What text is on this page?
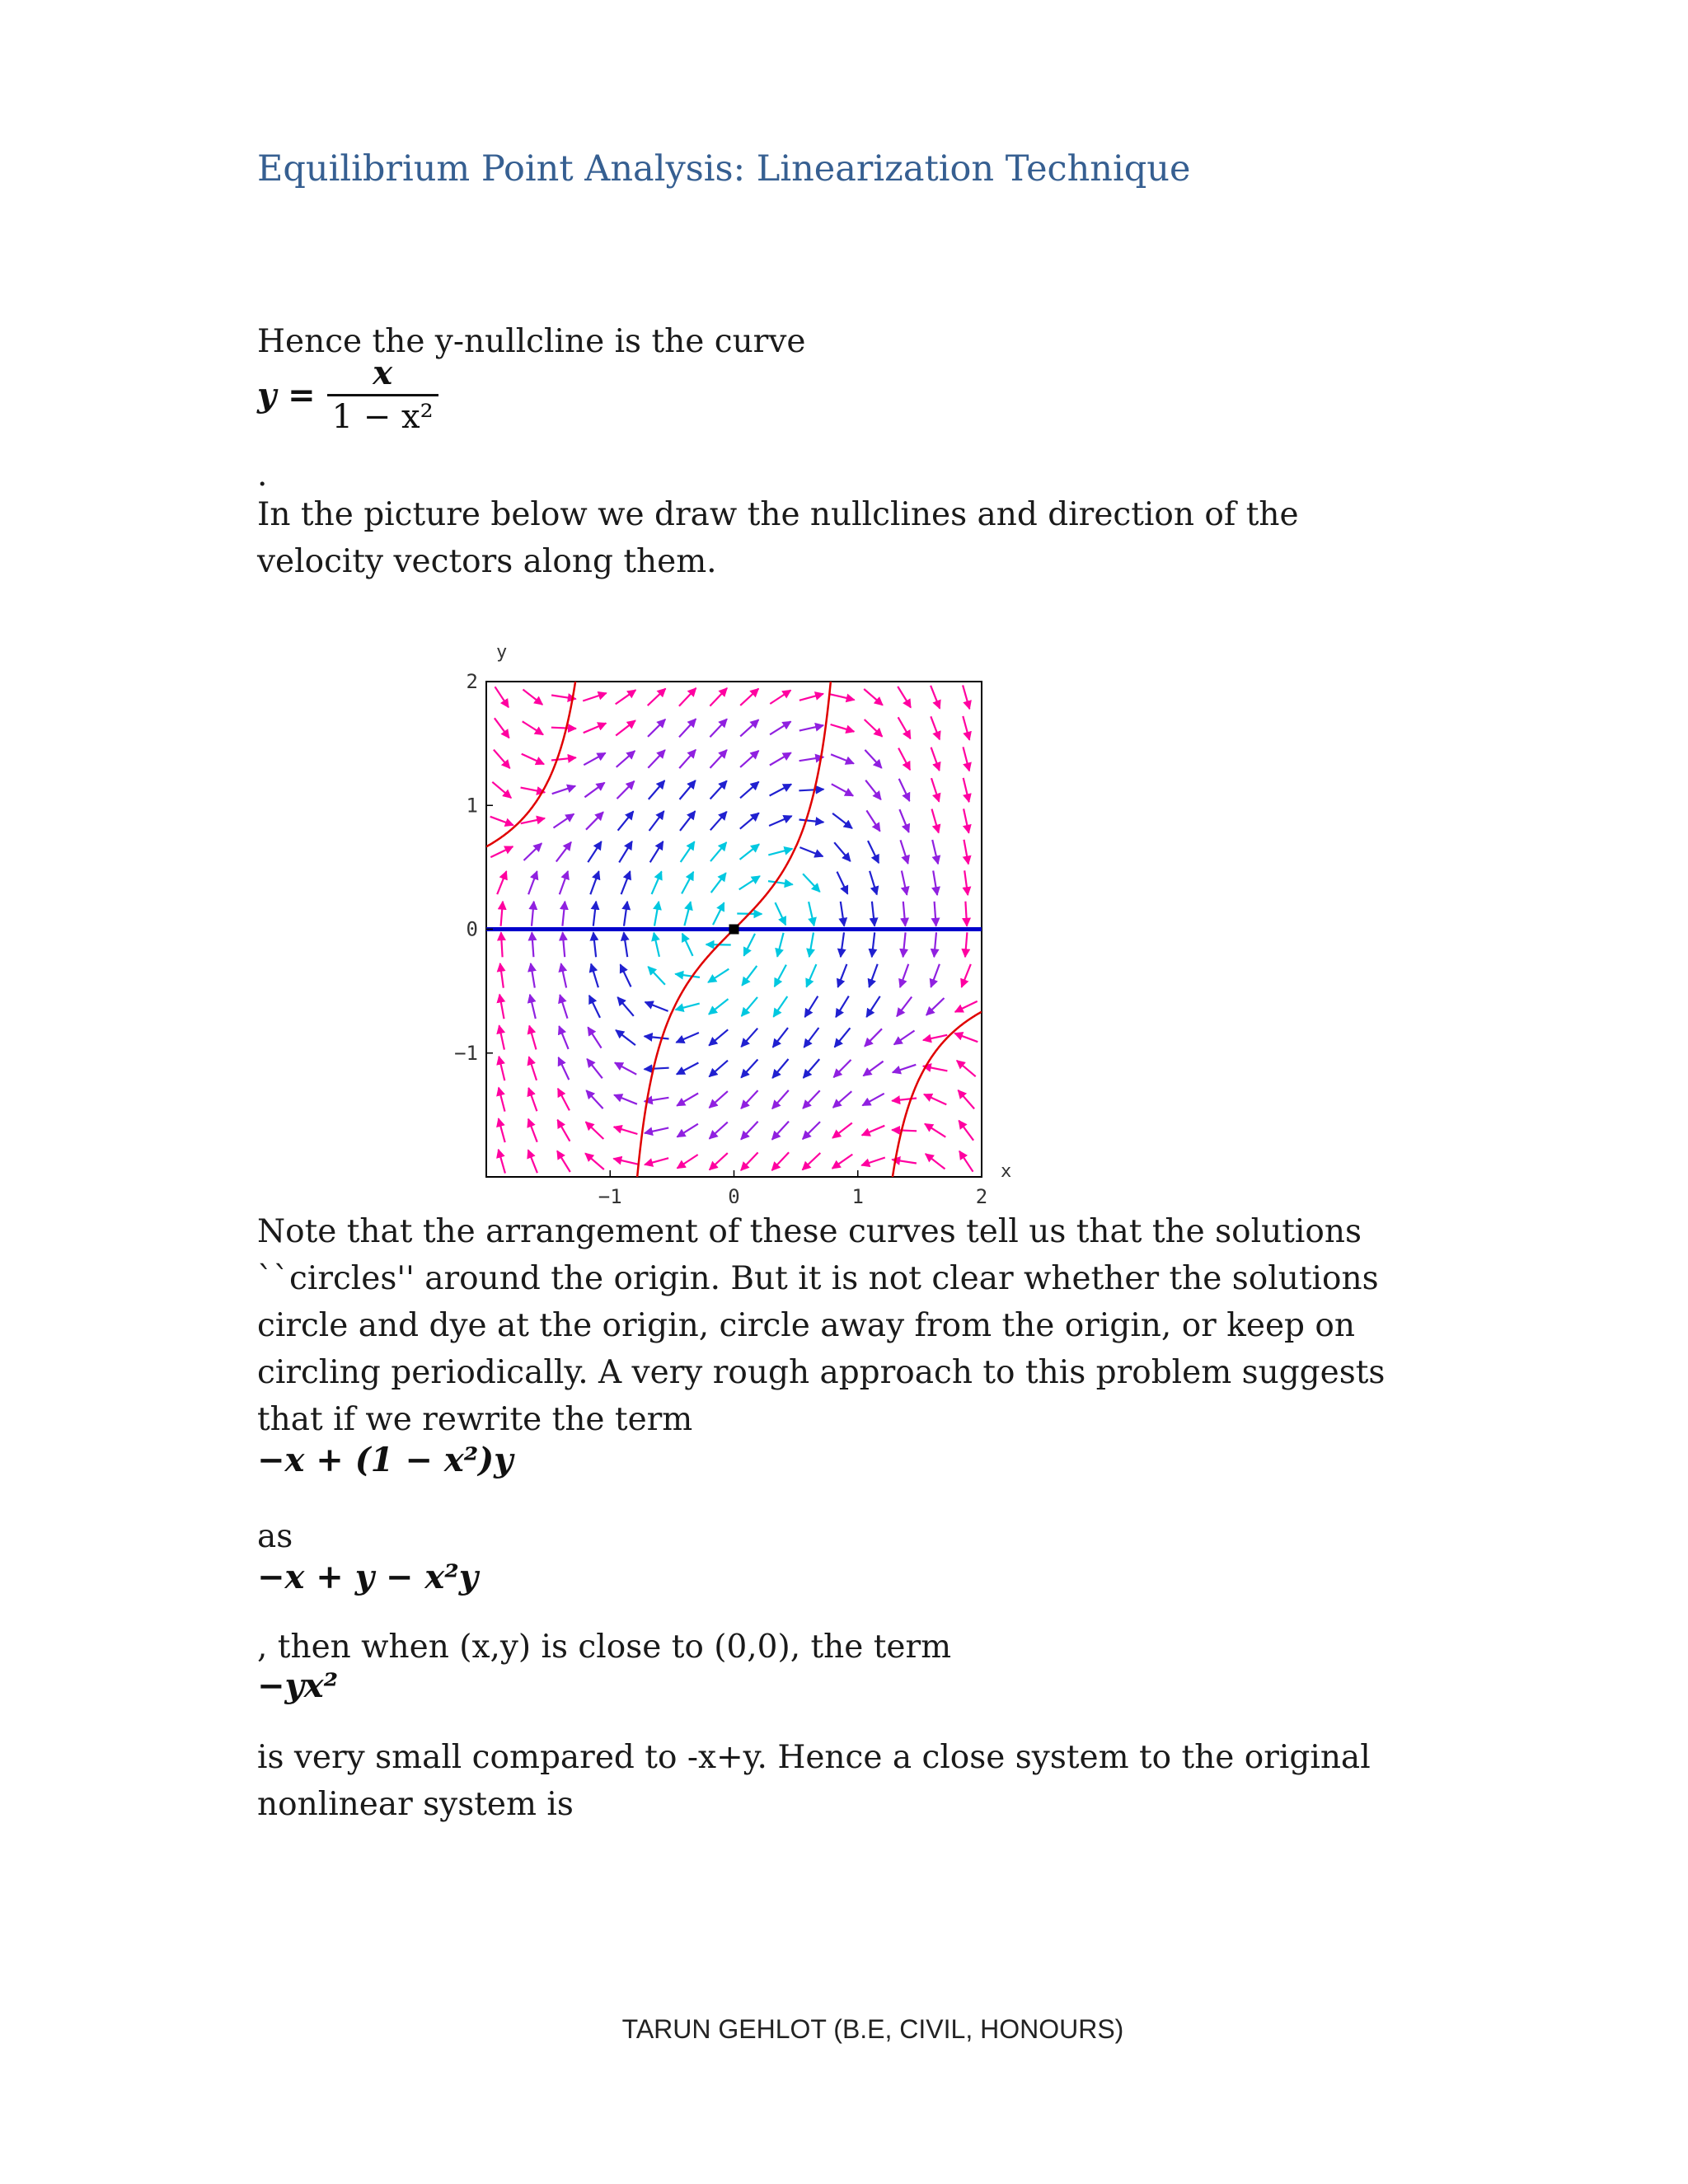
Equilibrium Point Analysis: Linearization Technique
Hence the y-nullcline is the curve
$y = \frac{x}{\text{1 − x²}}$
.
In the picture below we draw the nullclines and direction of the velocity vectors along them.
−1	0	1	2
2
1
0
−1
y
x
Note that the arrangement of these curves tell us that the solutions ``circles'' around the origin. But it is not clear whether the solutions circle and dye at the origin, circle away from the origin, or keep on circling periodically. A very rough approach to this problem suggests that if we rewrite the term
−x + (1 − x²)y
as
−x + y − x²y
, then when (x,y) is close to (0,0), the term
−yx²
is very small compared to -x+y. Hence a close system to the original nonlinear system is
TARUN GEHLOT (B.E, CIVIL, HONOURS)
